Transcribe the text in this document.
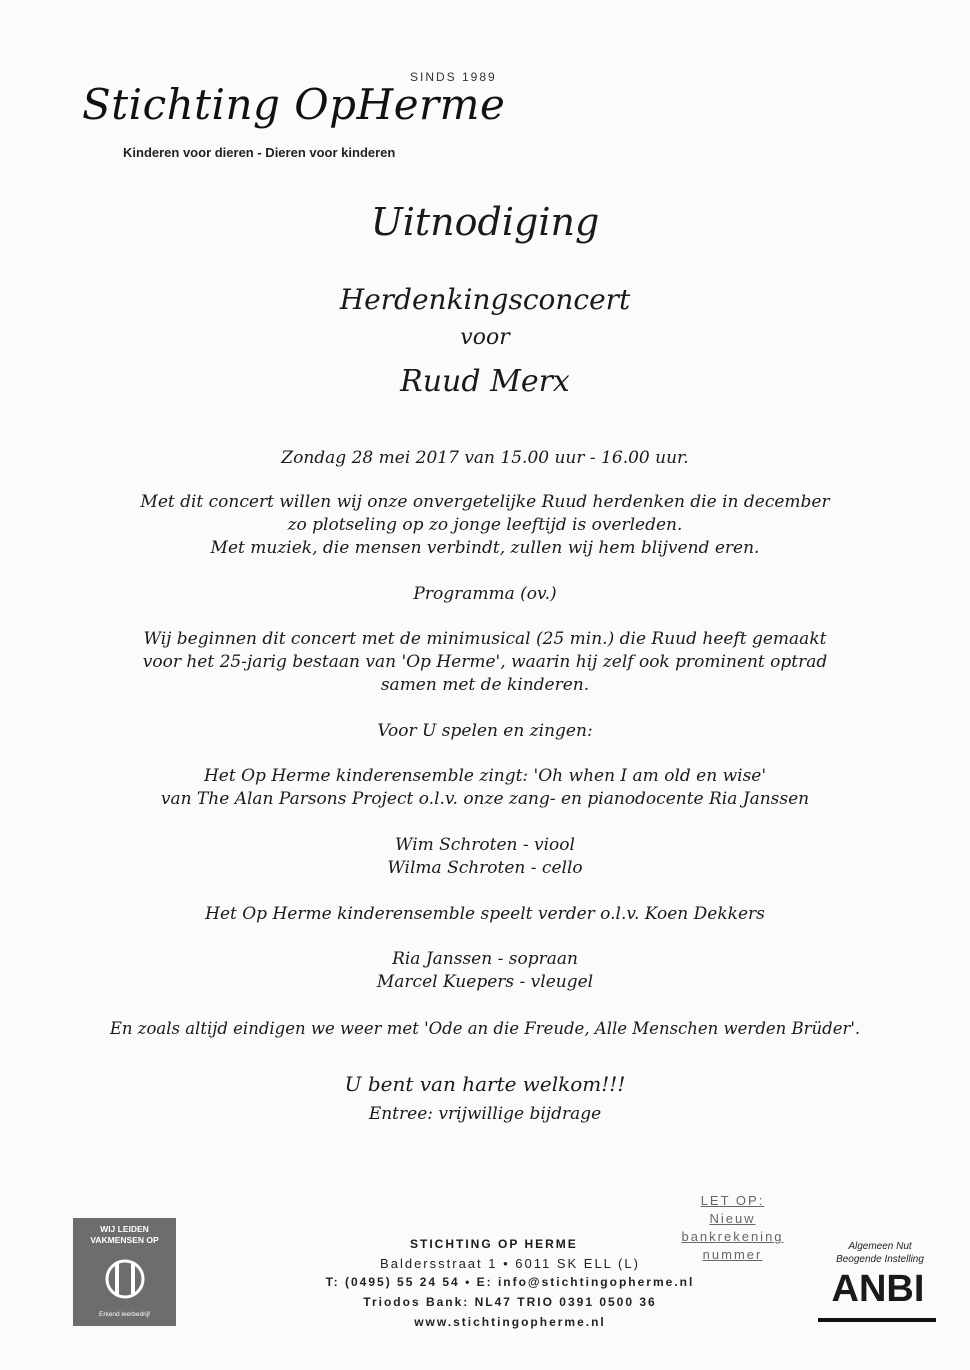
SINDS 1989
Stichting OpHerme
Kinderen voor dieren - Dieren voor kinderen
Uitnodiging
Herdenkingsconcert
voor
Ruud Merx
Zondag 28 mei 2017 van 15.00 uur - 16.00 uur.
Met dit concert willen wij onze onvergetelijke Ruud herdenken die in december
zo plotseling op zo jonge leeftijd is overleden.
Met muziek, die mensen verbindt, zullen wij hem blijvend eren.
Programma (ov.)
Wij beginnen dit concert met de minimusical (25 min.) die Ruud heeft gemaakt
voor het 25-jarig bestaan van 'Op Herme', waarin hij zelf ook prominent optrad
samen met de kinderen.
Voor U spelen en zingen:
Het Op Herme kinderensemble zingt: 'Oh when I am old en wise'
van The Alan Parsons Project o.l.v. onze zang- en pianodocente Ria Janssen
Wim Schroten - viool
Wilma Schroten - cello
Het Op Herme kinderensemble speelt verder o.l.v. Koen Dekkers
Ria Janssen - sopraan
Marcel Kuepers - vleugel
En zoals altijd eindigen we weer met 'Ode an die Freude, Alle Menschen werden Brüder'.
U bent van harte welkom!!!
Entree: vrijwillige bijdrage
WIJ LEIDEN VAKMENSEN OP
Erkend leerbedrijf
STICHTING OP HERME
Baldersstraat 1 • 6011 SK ELL (L)
T: (0495) 55 24 54 • E: info@stichtingopherme.nl
Triodos Bank: NL47 TRIO 0391 0500 36
www.stichtingopherme.nl
LET OP:
Nieuw
bankrekening
nummer
Algemeen Nut
Beogende Instelling
ANBI
